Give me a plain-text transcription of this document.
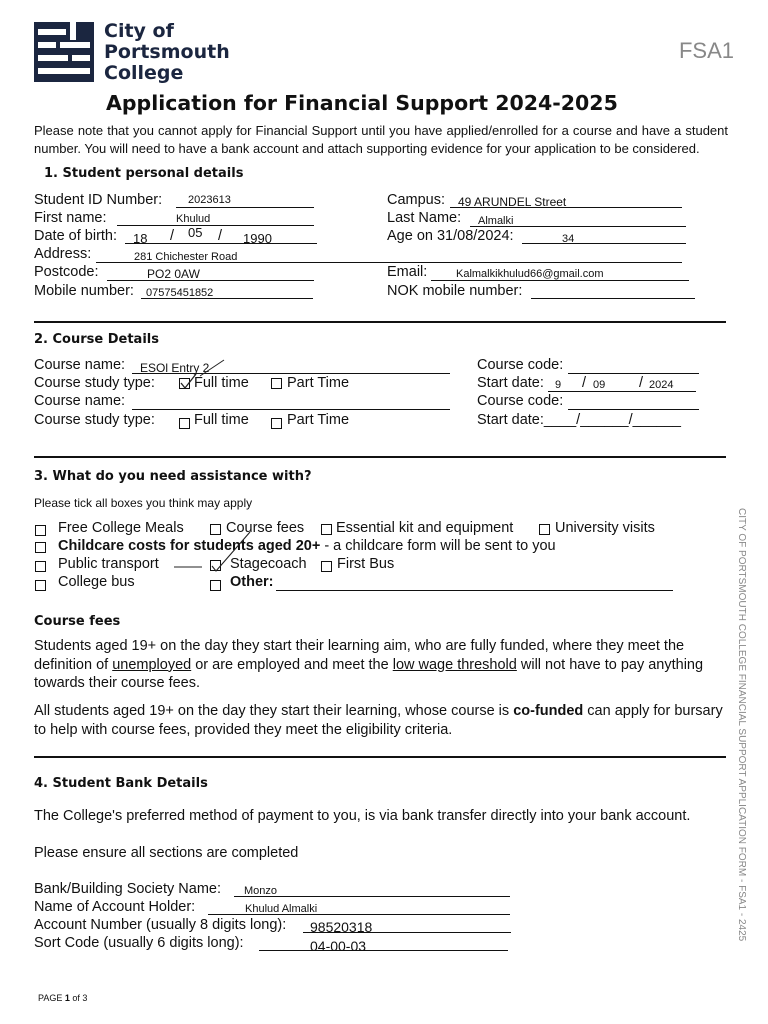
City of
Portsmouth
College
FSA1
Application for Financial Support 2024-2025
Please note that you cannot apply for Financial Support until you have applied/enrolled for a course and have a student number. You will need to have a bank account and attach supporting evidence for your application to be considered.
1. Student personal details
Student ID Number: 2023613
First name:	Khulud
Date of birth: 18 / 05 / 1990
Address:	281 Chichester Road
Postcode:	PO2 0AW
Mobile number: 07575451852
Campus: 49 ARUNDEL Street
Last Name: Almalki
Age on 31/08/2024:	34
Email:	Kalmalkikhulud66@gmail.com
NOK mobile number:
2. Course Details
Course name: ESOl Entry 2
Course study type:	Full time	Part Time
Course name:
Course study type:	Full time	Part Time
Course code:
Start date: 9 / 09 / 2024
Course code:
Start date:____/______/______
3. What do you need assistance with?
Please tick all boxes you think may apply
Free College Meals	Course fees Essential kit and equipment	University visits
Childcare costs for students aged 20+ - a childcare form will be sent to you
Public transport	Stagecoach First Bus
College bus	Other:
Course fees
Students aged 19+ on the day they start their learning aim, who are fully funded, where they meet the definition of unemployed or are employed and meet the low wage threshold will not have to pay anything towards their course fees.
All students aged 19+ on the day they start their learning, whose course is co-funded can apply for bursary to help with course fees, provided they meet the eligibility criteria.
4. Student Bank Details
The College's preferred method of payment to you, is via bank transfer directly into your bank account.
Please ensure all sections are completed
Bank/Building Society Name: Monzo
Name of Account Holder:	Khulud Almalki
Account Number (usually 8 digits long): 98520318
Sort Code (usually 6 digits long):	04-00-03
CITY OF PORTSMOUTH COLLEGE FINANCIAL SUPPORT APPLICATION FORM - FSA1 - 2425
PAGE 1 of 3
